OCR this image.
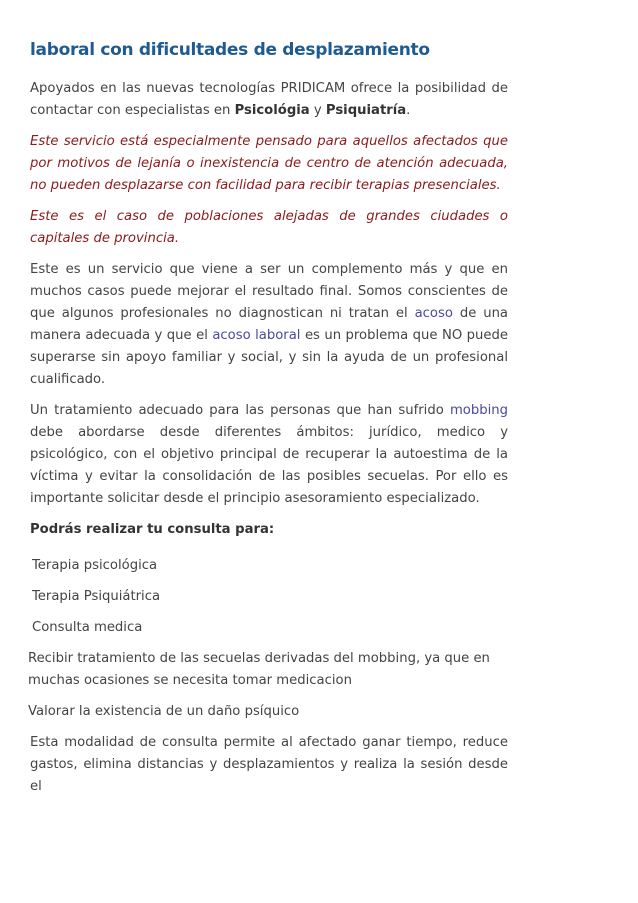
laboral con dificultades de desplazamiento

Apoyados en las nuevas tecnologías PRIDICAM ofrece la posibilidad de contactar con especialistas en Psicológia y Psiquiatría.

Este servicio está especialmente pensado para aquellos afectados que por motivos de lejanía o inexistencia de centro de atención adecuada, no pueden desplazarse con facilidad para recibir terapias presenciales.

Este es el caso de poblaciones alejadas de grandes ciudades o capitales de provincia.

Este es un servicio que viene a ser un complemento más y que en muchos casos puede mejorar el resultado final. Somos conscientes de que algunos profesionales no diagnostican ni tratan el acoso de una manera adecuada y que el acoso laboral es un problema que NO puede superarse sin apoyo familiar y social, y sin la ayuda de un profesional cualificado.

Un tratamiento adecuado para las personas que han sufrido mobbing debe abordarse desde diferentes ámbitos: jurídico, medico y psicológico, con el objetivo principal de recuperar la autoestima de la víctima y evitar la consolidación de las posibles secuelas. Por ello es importante solicitar desde el principio asesoramiento especializado.

Podrás realizar tu consulta para:

Terapia psicológica
Terapia Psiquiátrica
Consulta medica
Recibir tratamiento de las secuelas derivadas del mobbing, ya que en muchas ocasiones se necesita tomar medicacion
Valorar la existencia de un daño psíquico

Esta modalidad de consulta permite al afectado ganar tiempo, reduce gastos, elimina distancias y desplazamientos y realiza la sesión desde el
